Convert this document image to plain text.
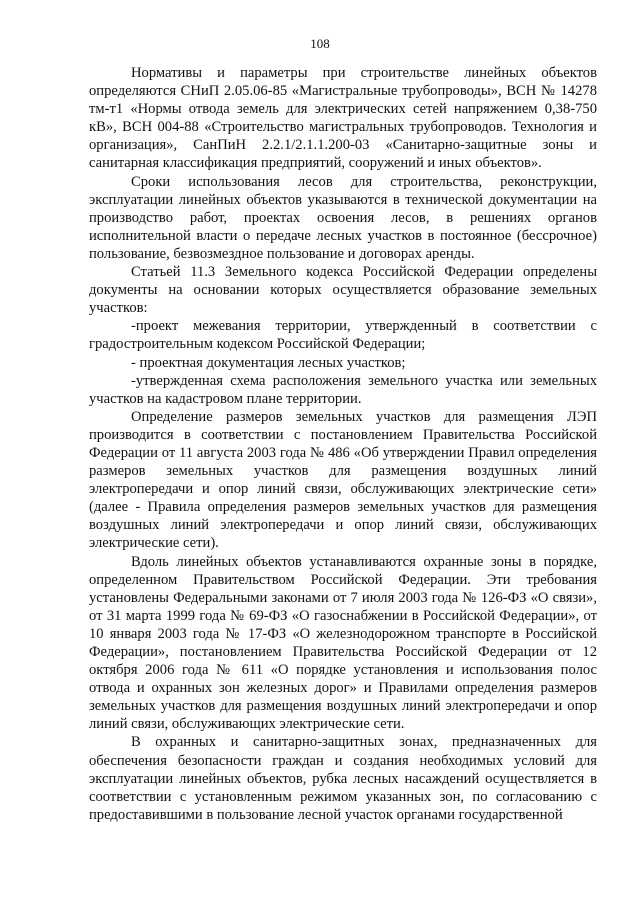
108

Нормативы и параметры при строительстве линейных объектов определяются СНиП 2.05.06-85 «Магистральные трубопроводы», ВСН № 14278 тм-т1 «Нормы отвода земель для электрических сетей напряжением 0,38-750 кВ», ВСН 004-88 «Строительство магистральных трубопроводов. Технология и организация», СанПиН 2.2.1/2.1.1.200-03 «Санитарно-защитные зоны и санитарная классификация предприятий, сооружений и иных объектов».

Сроки использования лесов для строительства, реконструкции, эксплуатации линейных объектов указываются в технической документации на производство работ, проектах освоения лесов, в решениях органов исполнительной власти о передаче лесных участков в постоянное (бессрочное) пользование, безвозмездное пользование и договорах аренды.

Статьей 11.3 Земельного кодекса Российской Федерации определены документы на основании которых осуществляется образование земельных участков:

-проект межевания территории, утвержденный в соответствии с градостроительным кодексом Российской Федерации;

- проектная документация лесных участков;

-утвержденная схема расположения земельного участка или земельных участков на кадастровом плане территории.

Определение размеров земельных участков для размещения ЛЭП производится в соответствии с постановлением Правительства Российской Федерации от 11 августа 2003 года № 486 «Об утверждении Правил определения размеров земельных участков для размещения воздушных линий электропередачи и опор линий связи, обслуживающих электрические сети» (далее - Правила определения размеров земельных участков для размещения воздушных линий электропередачи и опор линий связи, обслуживающих электрические сети).

Вдоль линейных объектов устанавливаются охранные зоны в порядке, определенном Правительством Российской Федерации. Эти требования установлены Федеральными законами от 7 июля 2003 года № 126-ФЗ «О связи», от 31 марта 1999 года № 69-ФЗ «О газоснабжении в Российской Федерации», от 10 января 2003 года № 17-ФЗ «О железнодорожном транспорте в Российской Федерации», постановлением Правительства Российской Федерации от 12 октября 2006 года № 611 «О порядке установления и использования полос отвода и охранных зон железных дорог» и Правилами определения размеров земельных участков для размещения воздушных линий электропередачи и опор линий связи, обслуживающих электрические сети.

В охранных и санитарно-защитных зонах, предназначенных для обеспечения безопасности граждан и создания необходимых условий для эксплуатации линейных объектов, рубка лесных насаждений осуществляется в соответствии с установленным режимом указанных зон, по согласованию с предоставившими в пользование лесной участок органами государственной
